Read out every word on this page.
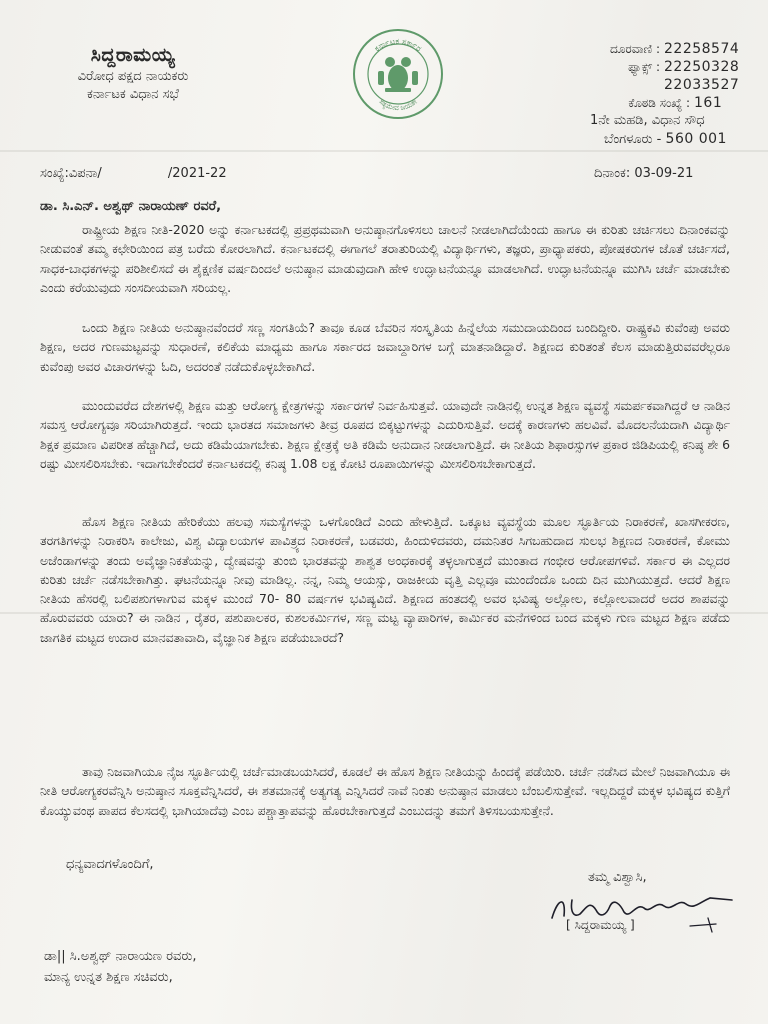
ಸಿದ್ದರಾಮಯ್ಯ
ವಿರೋಧ ಪಕ್ಷದ ನಾಯಕರು
ಕರ್ನಾಟಕ ವಿಧಾನ ಸಭೆ
ಕರ್ನಾಟಕ ಸರ್ಕಾರ
ಸತ್ಯಮೇವ ಜಯತೇ
ದೂರವಾಣಿ : 22258574
ಫ್ಯಾಕ್ಸ್ : 22250328
22033527
ಕೊಠಡಿ ಸಂಖ್ಯೆ : 161
1ನೇ ಮಹಡಿ, ವಿಧಾನ ಸೌಧ
ಬೆಂಗಳೂರು - 560 001
ಸಂಖ್ಯೆ:ವಿಪನಾ/	/2021-22	ದಿನಾಂಕ: 03-09-21
ಡಾ. ಸಿ.ಎನ್. ಅಶ್ವಥ್ ನಾರಾಯಣ್ ರವರೆ,

ರಾಷ್ಟ್ರೀಯ ಶಿಕ್ಷಣ ನೀತಿ-2020 ಅನ್ನು ಕರ್ನಾಟಕದಲ್ಲಿ ಪ್ರಪ್ರಥಮವಾಗಿ ಅನುಷ್ಠಾನಗೊಳಿಸಲು ಚಾಲನೆ ನೀಡಲಾಗಿದೆಯೆಂದು ಹಾಗೂ ಈ ಕುರಿತು ಚರ್ಚಿಸಲು ದಿನಾಂಕವನ್ನು ನೀಡುವಂತೆ ತಮ್ಮ ಕಛೇರಿಯಿಂದ ಪತ್ರ ಬರೆದು ಕೋರಲಾಗಿದೆ. ಕರ್ನಾಟಕದಲ್ಲಿ ಈಗಾಗಲೆ ತರಾತುರಿಯಲ್ಲಿ ವಿದ್ಯಾರ್ಥಿಗಳು, ತಜ್ಞರು, ಪ್ರಾಧ್ಯಾಪಕರು, ಪೋಷಕರುಗಳ ಜೊತೆ ಚರ್ಚಿಸದೆ, ಸಾಧಕ-ಬಾಧಕಗಳನ್ನು ಪರಿಶೀಲಿಸದೆ ಈ ಶೈಕ್ಷಣಿಕ ವರ್ಷದಿಂದಲೆ ಅನುಷ್ಠಾನ ಮಾಡುವುದಾಗಿ ಹೇಳಿ ಉದ್ಘಾಟನೆಯನ್ನೂ ಮಾಡಲಾಗಿದೆ. ಉದ್ಘಾಟನೆಯನ್ನೂ ಮುಗಿಸಿ ಚರ್ಚೆ ಮಾಡಬೇಕು ಎಂದು ಕರೆಯುವುದು ಸಂಸದೀಯವಾಗಿ ಸರಿಯಲ್ಲ.

ಒಂದು ಶಿಕ್ಷಣ ನೀತಿಯ ಅನುಷ್ಠಾನವೆಂದರೆ ಸಣ್ಣ ಸಂಗತಿಯೆ? ತಾವೂ ಕೂಡ ಬೆವರಿನ ಸಂಸ್ಕೃತಿಯ ಹಿನ್ನೆಲೆಯ ಸಮುದಾಯದಿಂದ ಬಂದಿದ್ದೀರಿ. ರಾಷ್ಟ್ರಕವಿ ಕುವೆಂಪು ಅವರು ಶಿಕ್ಷಣ, ಅದರ ಗುಣಮಟ್ಟವನ್ನು ಸುಧಾರಣೆ, ಕಲಿಕೆಯ ಮಾಧ್ಯಮ ಹಾಗೂ ಸರ್ಕಾರದ ಜವಾಬ್ದಾರಿಗಳ ಬಗ್ಗೆ ಮಾತನಾಡಿದ್ದಾರೆ. ಶಿಕ್ಷಣದ ಕುರಿತಂತೆ ಕೆಲಸ ಮಾಡುತ್ತಿರುವವರೆಲ್ಲರೂ ಕುವೆಂಪು ಅವರ ವಿಚಾರಗಳನ್ನು ಓದಿ, ಅದರಂತೆ ನಡೆದುಕೊಳ್ಳಬೇಕಾಗಿದೆ.

ಮುಂದುವರೆದ ದೇಶಗಳಲ್ಲಿ ಶಿಕ್ಷಣ ಮತ್ತು ಆರೋಗ್ಯ ಕ್ಷೇತ್ರಗಳನ್ನು ಸರ್ಕಾರಗಳೆ ನಿರ್ವಹಿಸುತ್ತವೆ. ಯಾವುದೇ ನಾಡಿನಲ್ಲಿ ಉನ್ನತ ಶಿಕ್ಷಣ ವ್ಯವಸ್ಥೆ ಸಮರ್ಪಕವಾಗಿದ್ದರೆ ಆ ನಾಡಿನ ಸಮಸ್ತ ಆರೋಗ್ಯವೂ ಸರಿಯಾಗಿರುತ್ತದೆ. ಇಂದು ಭಾರತದ ಸಮಾಜಗಳು ತೀವ್ರ ರೂಪದ ಬಿಕ್ಕಟ್ಟುಗಳನ್ನು ಎದುರಿಸುತ್ತಿವೆ. ಅದಕ್ಕೆ ಕಾರಣಗಳು ಹಲವಿವೆ. ಮೊದಲನೆಯದಾಗಿ ವಿದ್ಯಾರ್ಥಿ ಶಿಕ್ಷಕ ಪ್ರಮಾಣ ವಿಪರೀತ ಹೆಚ್ಚಾಗಿದೆ, ಅದು ಕಡಿಮೆಯಾಗಬೇಕು. ಶಿಕ್ಷಣ ಕ್ಷೇತ್ರಕ್ಕೆ ಅತಿ ಕಡಿಮೆ ಅನುದಾನ ನೀಡಲಾಗುತ್ತಿದೆ. ಈ ನೀತಿಯ ಶಿಫಾರಸ್ಸುಗಳ ಪ್ರಕಾರ ಜಿಡಿಪಿಯಲ್ಲಿ ಕನಿಷ್ಠ ಶೇ 6 ರಷ್ಟು ಮೀಸಲಿರಿಸಬೇಕು. ಇದಾಗಬೇಕೆಂದರೆ ಕರ್ನಾಟಕದಲ್ಲಿ ಕನಿಷ್ಠ 1.08 ಲಕ್ಷ ಕೋಟಿ ರೂಪಾಯಿಗಳನ್ನು ಮೀಸಲಿರಿಸಬೇಕಾಗುತ್ತದೆ.

ಹೊಸ ಶಿಕ್ಷಣ ನೀತಿಯ ಹೇರಿಕೆಯು ಹಲವು ಸಮಸ್ಯೆಗಳನ್ನು ಒಳಗೊಂಡಿದೆ ಎಂದು ಹೇಳುತ್ತಿದೆ. ಒಕ್ಕೂಟ ವ್ಯವಸ್ಥೆಯ ಮೂಲ ಸ್ಫೂರ್ತಿಯ ನಿರಾಕರಣೆ, ಖಾಸಗೀಕರಣ, ತರಗತಿಗಳನ್ನು ನಿರಾಕರಿಸಿ ಕಾಲೇಜು, ವಿಶ್ವ ವಿದ್ಯಾಲಯಗಳ ಪಾವಿತ್ರ್ಯದ ನಿರಾಕರಣೆ, ಬಡವರು, ಹಿಂದುಳಿದವರು, ದಮನಿತರ ಸಿಗಬಹುದಾದ ಸುಲಭ ಶಿಕ್ಷಣದ ನಿರಾಕರಣೆ, ಕೋಮು ಅಜೆಂಡಾಗಳನ್ನು ತಂದು ಅವೈಜ್ಞಾನಿಕತೆಯನ್ನು, ದ್ವೇಷವನ್ನು ತುಂಬಿ ಭಾರತವನ್ನು ಶಾಶ್ವತ ಅಂಧಕಾರಕ್ಕೆ ತಳ್ಳಲಾಗುತ್ತದೆ ಮುಂತಾದ ಗಂಭೀರ ಆರೋಪಗಳಿವೆ. ಸರ್ಕಾರ ಈ ಎಲ್ಲದರ ಕುರಿತು ಚರ್ಚೆ ನಡೆಸಬೇಕಾಗಿತ್ತು. ಘಟನೆಯನ್ನೂ ನೀವು ಮಾಡಿಲ್ಲ. ನನ್ನ, ನಿಮ್ಮ ಆಯಸ್ಸು, ರಾಜಕೀಯ ವೃತ್ತಿ ಎಲ್ಲವೂ ಮುಂದೆಂದೊ ಒಂದು ದಿನ ಮುಗಿಯುತ್ತದೆ. ಆದರೆ ಶಿಕ್ಷಣ ನೀತಿಯ ಹೆಸರಲ್ಲಿ ಬಲಿಪಶುಗಳಾಗುವ ಮಕ್ಕಳ ಮುಂದೆ 70- 80 ವರ್ಷಗಳ ಭವಿಷ್ಯವಿದೆ. ಶಿಕ್ಷಣದ ಹಂತದಲ್ಲಿ ಅವರ ಭವಿಷ್ಯ ಅಲ್ಲೋಲ, ಕಲ್ಲೋಲವಾದರೆ ಅದರ ಶಾಪವನ್ನು ಹೊರುವವರು ಯಾರು? ಈ ನಾಡಿನ , ರೈತರ, ಪಶುಪಾಲಕರ, ಕುಶಲಕರ್ಮಿಗಳ, ಸಣ್ಣ ಮಟ್ಟ ವ್ಯಾಪಾರಿಗಳ, ಕಾರ್ಮಿಕರ ಮನೆಗಳಿಂದ ಬಂದ ಮಕ್ಕಳು ಗುಣ ಮಟ್ಟದ ಶಿಕ್ಷಣ ಪಡೆದು ಜಾಗತಿಕ ಮಟ್ಟದ ಉದಾರ ಮಾನವತಾವಾದಿ, ವೈಜ್ಞಾನಿಕ ಶಿಕ್ಷಣ ಪಡೆಯಬಾರದೆ?

ತಾವು ನಿಜವಾಗಿಯೂ ನೈಜ ಸ್ಫೂರ್ತಿಯಲ್ಲಿ ಚರ್ಚೆಮಾಡಬಯಸಿದರೆ, ಕೂಡಲೆ ಈ ಹೊಸ ಶಿಕ್ಷಣ ನೀತಿಯನ್ನು ಹಿಂದಕ್ಕೆ ಪಡೆಯಿರಿ. ಚರ್ಚೆ ನಡೆಸಿದ ಮೇಲೆ ನಿಜವಾಗಿಯೂ ಈ ನೀತಿ ಆರೋಗ್ಯಕರವೆನ್ನಿಸಿ ಅನುಷ್ಠಾನ ಸೂಕ್ತವೆನ್ನಿಸಿದರೆ, ಈ ಶತಮಾನಕ್ಕೆ ಅತ್ಯಗತ್ಯ ಎನ್ನಿಸಿದರೆ ನಾವೆ ನಿಂತು ಅನುಷ್ಠಾನ ಮಾಡಲು ಬೆಂಬಲಿಸುತ್ತೇವೆ. ಇಲ್ಲದಿದ್ದರೆ ಮಕ್ಕಳ ಭವಿಷ್ಯದ ಕುತ್ತಿಗೆ ಕೊಯ್ಯುವಂಥ ಪಾಪದ ಕೆಲಸದಲ್ಲಿ ಭಾಗಿಯಾದೆವು ಎಂಬ ಪಶ್ಚಾತ್ತಾಪವನ್ನು ಹೊರಬೇಕಾಗುತ್ತದೆ ಎಂಬುದನ್ನು ತಮಗೆ ತಿಳಿಸಬಯಸುತ್ತೇನೆ.

ಧನ್ಯವಾದಗಳೊಂದಿಗೆ,
ತಮ್ಮ ವಿಶ್ವಾಸಿ,
[ ಸಿದ್ದರಾಮಯ್ಯ ]
ಡಾ|| ಸಿ.ಅಶ್ವಥ್ ನಾರಾಯಣ ರವರು,
ಮಾನ್ಯ ಉನ್ನತ ಶಿಕ್ಷಣ ಸಚಿವರು,
